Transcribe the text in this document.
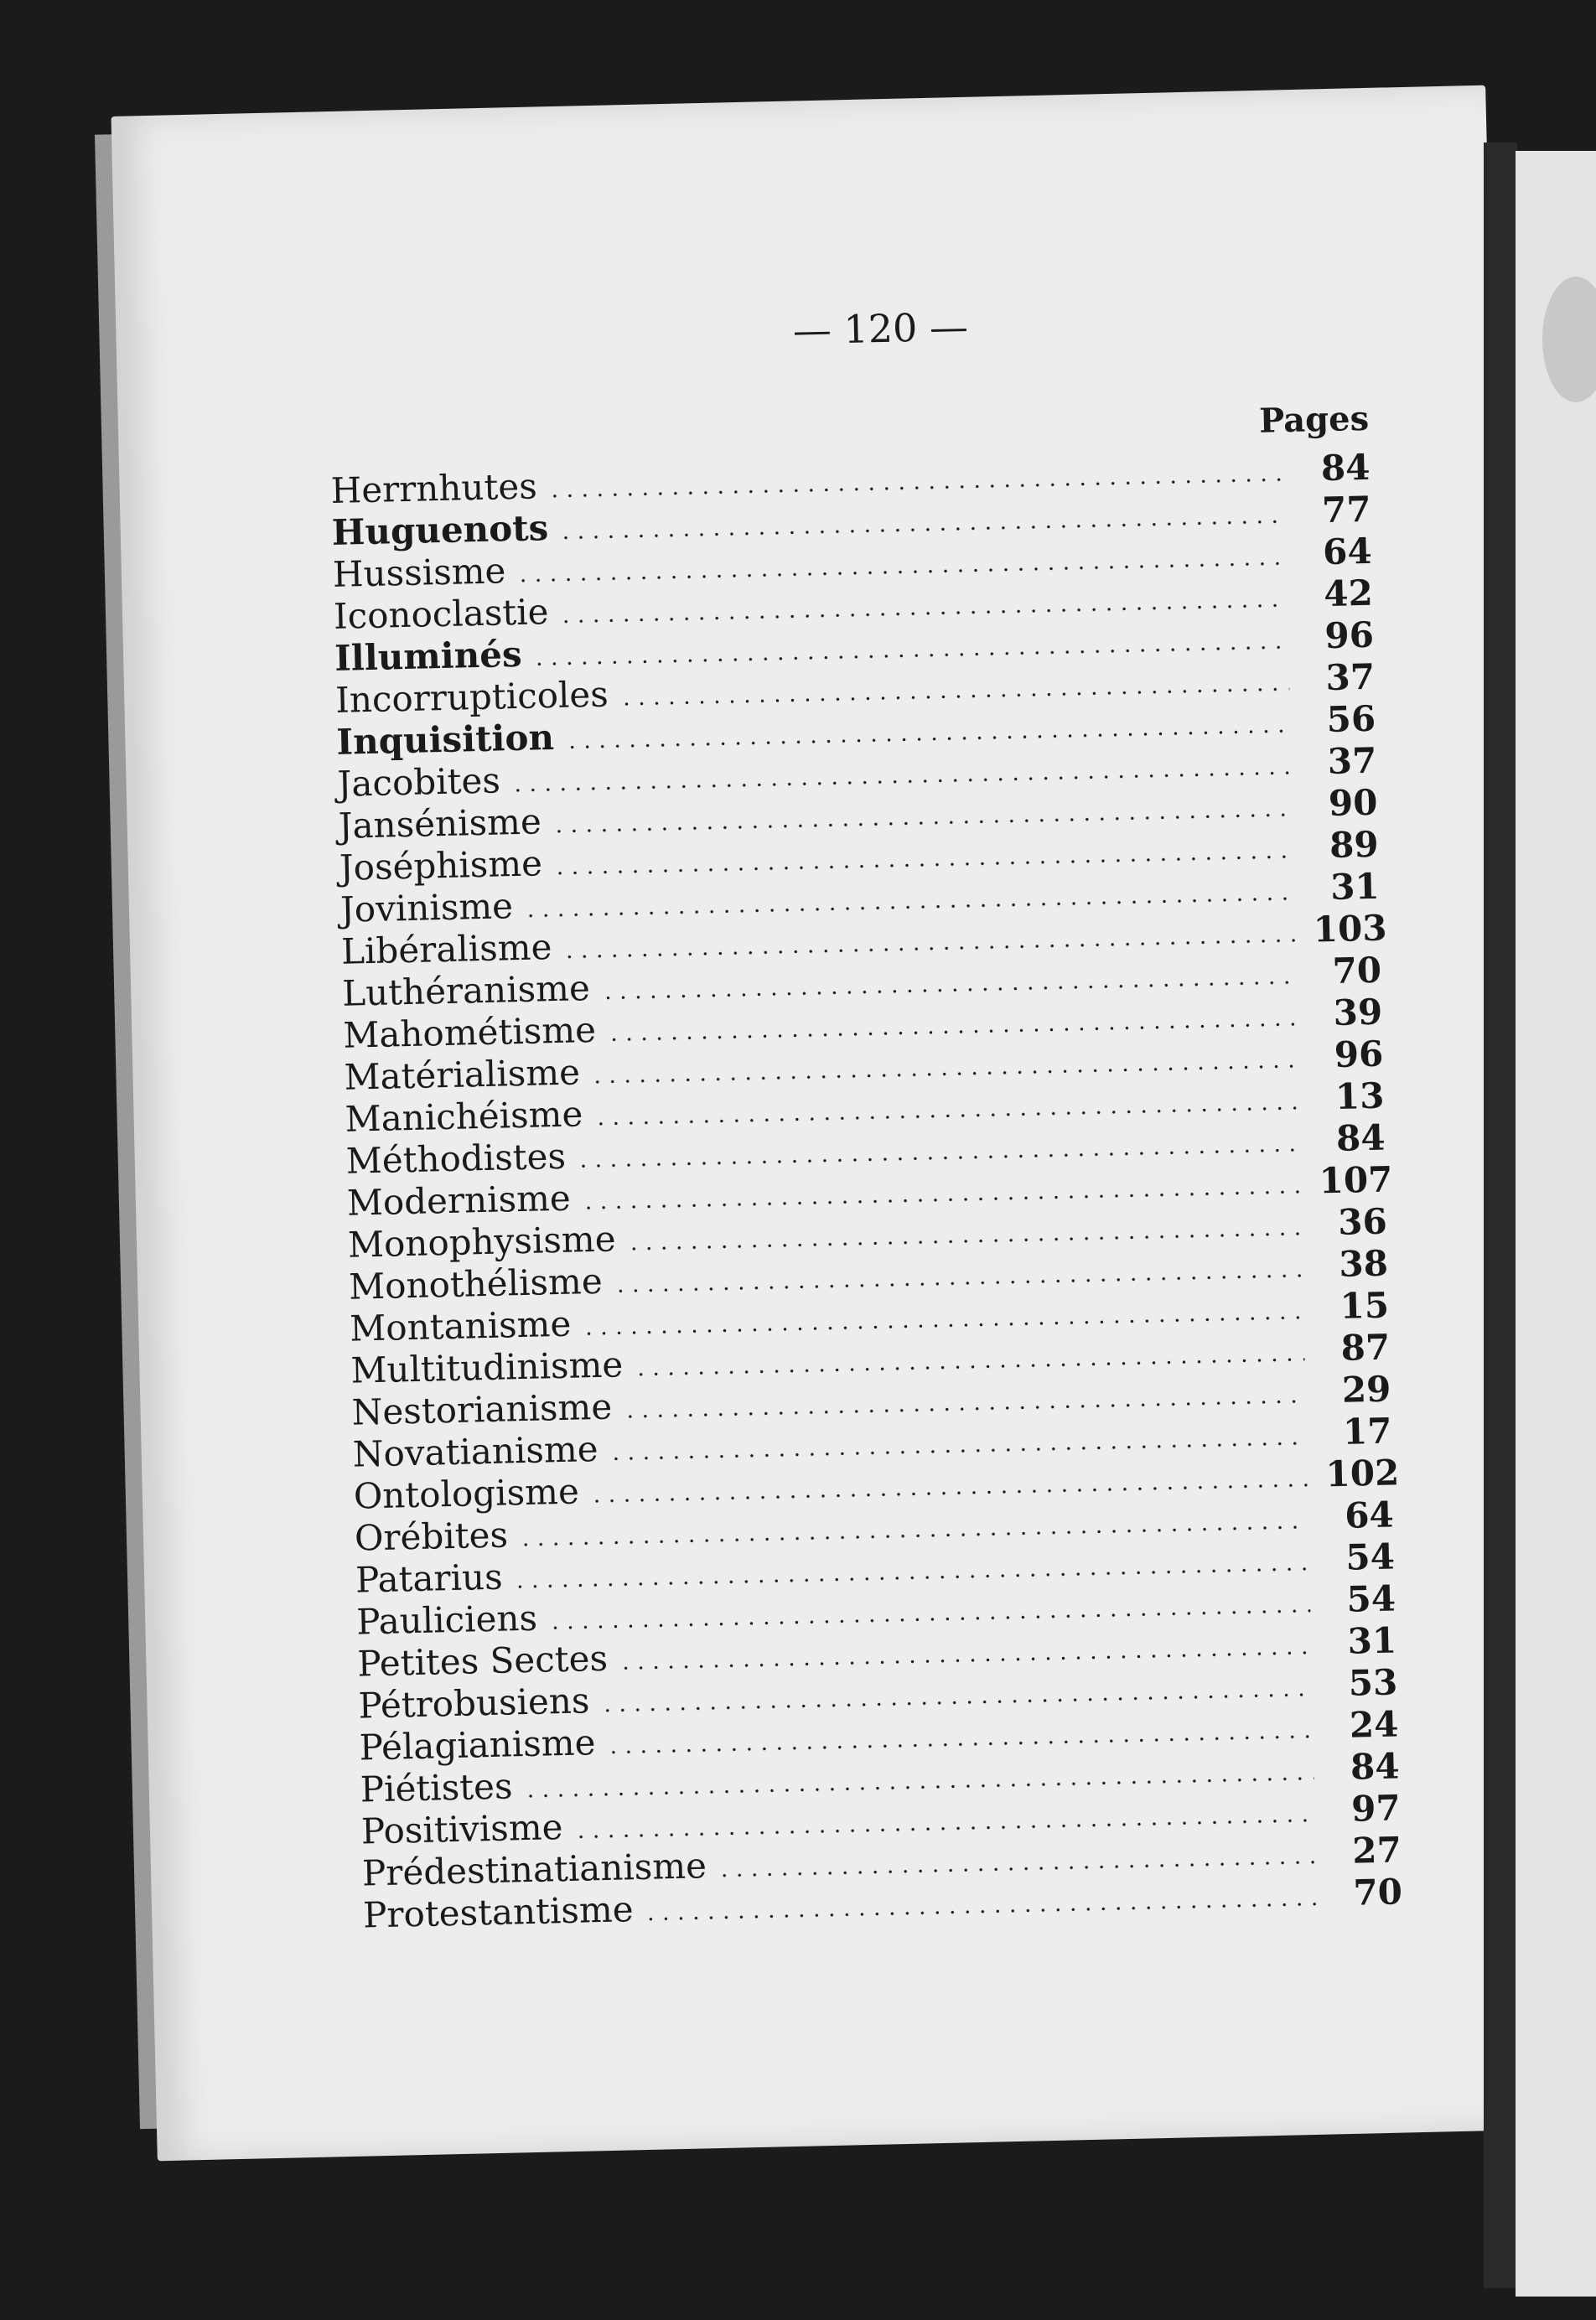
— 120 —
Pages
Herrnhutes	84
Huguenots	77
Hussisme	64
Iconoclastie	42
Illuminés	96
Incorrupticoles	37
Inquisition	56
Jacobites	37
Jansénisme	90
Joséphisme	89
Jovinisme	31
Libéralisme	103
Luthéranisme	70
Mahométisme	39
Matérialisme	96
Manichéisme	13
Méthodistes	84
Modernisme	107
Monophysisme	36
Monothélisme	38
Montanisme	15
Multitudinisme	87
Nestorianisme	29
Novatianisme	17
Ontologisme	102
Orébites	64
Patarius	54
Pauliciens	54
Petites Sectes	31
Pétrobusiens	53
Pélagianisme	24
Piétistes	84
Positivisme	97
Prédestinatianisme	27
Protestantisme	70
